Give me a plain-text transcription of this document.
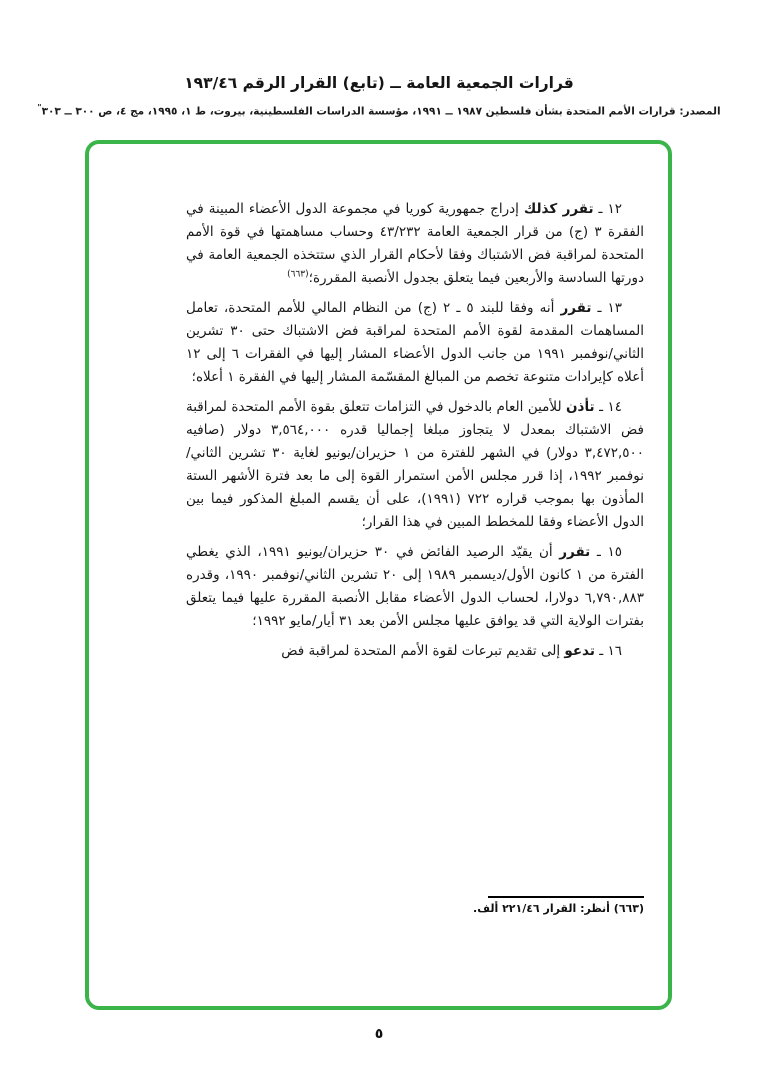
قرارات الجمعية العامة ــ (تابع) القرار الرقم ١٩٣/٤٦
المصدر: قرارات الأمم المتحدة بشأن فلسطين ١٩٨٧ ــ ١٩٩١، مؤسسة الدراسات الفلسطينية، بيروت، ط ١، ١٩٩٥، مج ٤، ص ٣٠٠ ــ ٣٠٣"

١٢ ـ تقرر كذلك إدراج جمهورية كوريا في مجموعة الدول الأعضاء المبينة في الفقرة ٣ (ج) من قرار الجمعية العامة ٤٣/٢٣٢ وحساب مساهمتها في قوة الأمم المتحدة لمراقبة فض الاشتباك وفقا لأحكام القرار الذي ستتخذه الجمعية العامة في دورتها السادسة والأربعين فيما يتعلق بجدول الأنصبة المقررة؛$^{(٦٦٣)}$

١٣ ـ تقرر أنه وفقا للبند ٥ ـ ٢ (ج) من النظام المالي للأمم المتحدة، تعامل المساهمات المقدمة لقوة الأمم المتحدة لمراقبة فض الاشتباك حتى ٣٠ تشرين الثاني/نوفمبر ١٩٩١ من جانب الدول الأعضاء المشار إليها في الفقرات ٦ إلى ١٢ أعلاه كإيرادات متنوعة تخصم من المبالغ المقسّمة المشار إليها في الفقرة ١ أعلاه؛

١٤ ـ تأذن للأمين العام بالدخول في التزامات تتعلق بقوة الأمم المتحدة لمراقبة فض الاشتباك بمعدل لا يتجاوز مبلغا إجماليا قدره ٣,٥٦٤,٠٠٠ دولار (صافيه ٣,٤٧٢,٥٠٠ دولار) في الشهر للفترة من ١ حزيران/يونيو لغاية ٣٠ تشرين الثاني/نوفمبر ١٩٩٢، إذا قرر مجلس الأمن استمرار القوة إلى ما بعد فترة الأشهر الستة المأذون بها بموجب قراره ٧٢٢ (١٩٩١)، على أن يقسم المبلغ المذكور فيما بين الدول الأعضاء وفقا للمخطط المبين في هذا القرار؛

١٥ ـ تقرر أن يقيّد الرصيد الفائض في ٣٠ حزيران/يونيو ١٩٩١، الذي يغطي الفترة من ١ كانون الأول/ديسمبر ١٩٨٩ إلى ٢٠ تشرين الثاني/نوفمبر ١٩٩٠، وقدره ٦,٧٩٠,٨٨٣ دولارا، لحساب الدول الأعضاء مقابل الأنصبة المقررة عليها فيما يتعلق بفترات الولاية التي قد يوافق عليها مجلس الأمن بعد ٣١ أيار/مايو ١٩٩٢؛

١٦ ـ تدعو إلى تقديم تبرعات لقوة الأمم المتحدة لمراقبة فض

(٦٦٣) أنظر: القرار ٢٢١/٤٦ ألف.
٥
